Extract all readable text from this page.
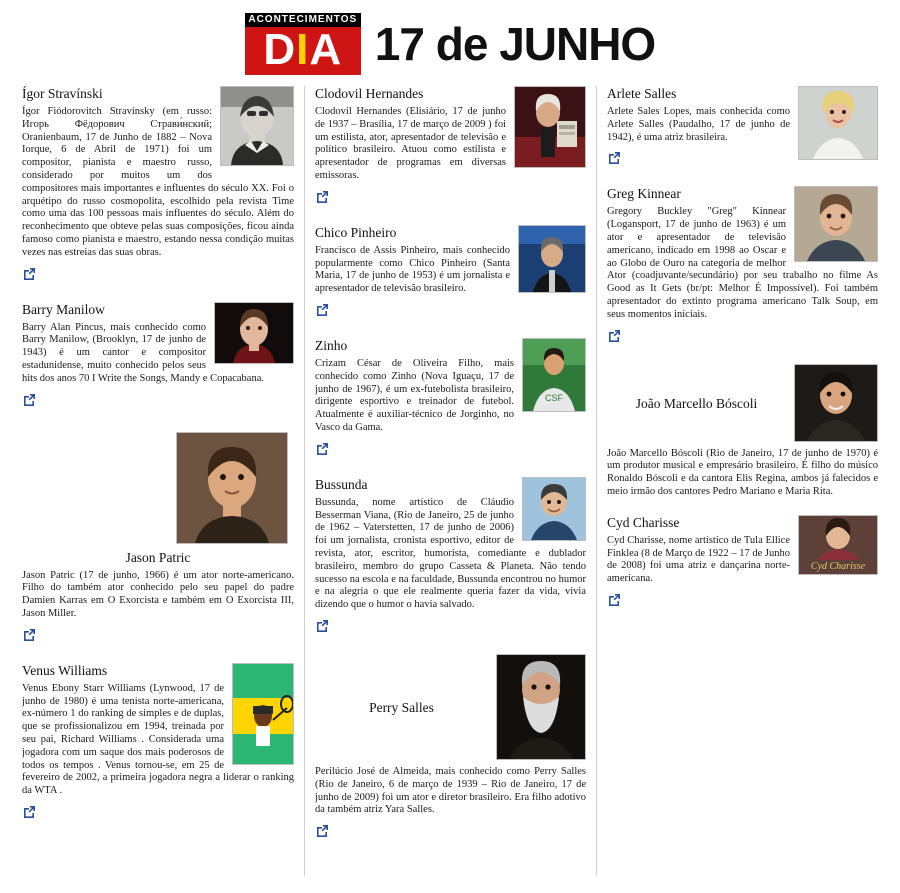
ACONTECIMENTOS
DIA 17 de JUNHO
Ígor Stravínski

Ígor Fiódorovitch Stravínsky (em russo: Игорь Фёдорович Страви́нский; Oranienbaum, 17 de Junho de 1882 – Nova Iorque, 6 de Abril de 1971) foi um compositor, pianista e maestro russo, considerado por muitos um dos compositores mais importantes e influentes do século XX. Foi o arquétipo do russo cosmopolita, escolhido pela revista Time como uma das 100 pessoas mais influentes do século. Além do reconhecimento que obteve pelas suas composições, ficou ainda famoso como pianista e maestro, estando nessa condição muitas vezes nas estreias das suas obras.

Barry Manilow

Barry Alan Pincus, mais conhecido como Barry Manilow, (Brooklyn, 17 de junho de 1943) é um cantor e compositor estadunidense, muito conhecido pelos seus hits dos anos 70 I Write the Songs, Mandy e Copacabana.

Jason Patric

Jason Patric (17 de junho, 1966) é um ator norte-americano. Filho do também ator conhecido pelo seu papel do padre Damien Karras em O Exorcista e também em O Exorcista III, Jason Miller.

Venus Williams

Venus Ebony Starr Williams (Lynwood, 17 de junho de 1980) é uma tenista norte-americana, ex-número 1 do ranking de simples e de duplas, que se profissionalizou em 1994, treinada por seu pai, Richard Williams . Considerada uma jogadora com um saque dos mais poderosos de todos os tempos . Venus tornou-se, em 25 de fevereiro de 2002, a primeira jogadora negra a liderar o ranking da WTA .

Clodovil Hernandes

Clodovil Hernandes (Elisiário, 17 de junho de 1937 – Brasília, 17 de março de 2009 ) foi um estilista, ator, apresentador de televisão e político brasileiro. Atuou como estilista e apresentador de programas em diversas emissoras.

Chico Pinheiro

Francisco de Assis Pinheiro, mais conhecido popularmente como Chico Pinheiro (Santa Maria, 17 de junho de 1953) é um jornalista e apresentador de televisão brasileiro.

CSF
Zinho

Crizam César de Oliveira Filho, mais conhecido como Zinho (Nova Iguaçu, 17 de junho de 1967), é um ex-futebolista brasileiro, dirigente esportivo e treinador de futebol. Atualmente é auxiliar-técnico de Jorginho, no Vasco da Gama.

Bussunda

Bussunda, nome artístico de Cláudio Besserman Viana, (Rio de Janeiro, 25 de junho de 1962 – Vaterstetten, 17 de junho de 2006) foi um jornalista, cronista esportivo, editor de revista, ator, escritor, humorista, comediante e dublador brasileiro, membro do grupo Casseta & Planeta. Não tendo sucesso na escola e na faculdade, Bussunda encontrou no humor e na alegria o que ele realmente queria fazer da vida, vivia dizendo que o humor o havia salvado.

Perry Salles

Perilúcio José de Almeida, mais conhecido como Perry Salles (Rio de Janeiro, 6 de março de 1939 – Rio de Janeiro, 17 de junho de 2009) foi um ator e diretor brasileiro. Era filho adotivo da também atriz Yara Salles.

Arlete Salles

Arlete Sales Lopes, mais conhecida como Arlete Salles (Paudalho, 17 de junho de 1942), é uma atriz brasileira.

Greg Kinnear

Gregory Buckley "Greg" Kinnear (Logansport, 17 de junho de 1963) é um ator e apresentador de televisão americano, indicado em 1998 ao Oscar e ao Globo de Ouro na categoria de melhor Ator (coadjuvante/secundário) por seu trabalho no filme As Good as It Gets (br/pt: Melhor É Impossível). Foi também apresentador do extinto programa americano Talk Soup, em seus momentos iniciais.

João Marcello Bóscoli

João Marcello Bóscoli (Rio de Janeiro, 17 de junho de 1970) é um produtor musical e empresário brasileiro. É filho do músico Ronaldo Bóscoli e da cantora Elis Regina, ambos já falecidos e meio irmão dos cantores Pedro Mariano e Maria Rita.

Cyd Charisse
Cyd Charisse

Cyd Charisse, nome artístico de Tula Ellice Finklea (8 de Março de 1922 – 17 de Junho de 2008) foi uma atriz e dançarina norte-americana.
